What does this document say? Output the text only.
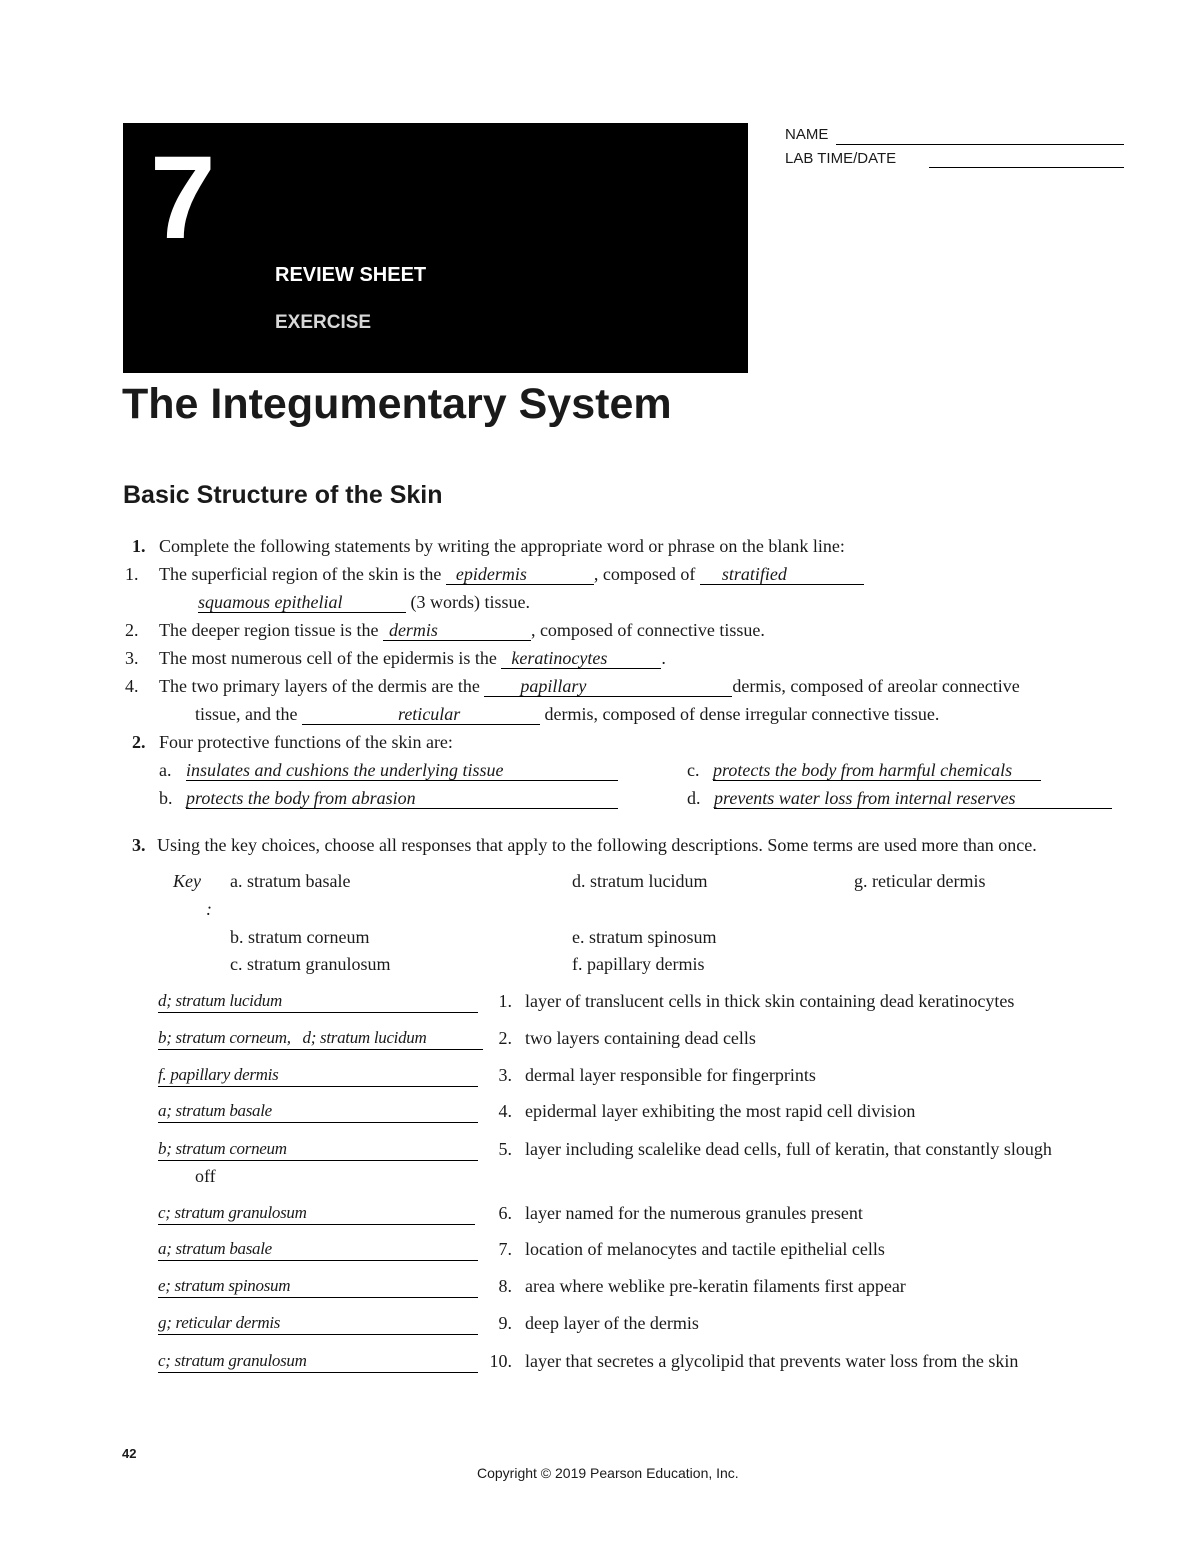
7
REVIEW SHEET
EXERCISE
NAME
LAB TIME/DATE
The Integumentary System
Basic Structure of the Skin
1. Complete the following statements by writing the appropriate word or phrase on the blank line:
1. The superficial region of the skin is the epidermis	, composed of stratified
squamous epithelial	(3 words) tissue.
2. The deeper region tissue is the dermis	, composed of connective tissue.
3. The most numerous cell of the epidermis is the keratinocytes	.
4. The two primary layers of the dermis are the papillary	dermis, composed of areolar connective
tissue, and the	reticular	dermis, composed of dense irregular connective tissue.
2. Four protective functions of the skin are:
a. insulates and cushions the underlying tissue	c. protects the body from harmful chemicals
b. protects the body from abrasion	d. prevents water loss from internal reserves
3. Using the key choices, choose all responses that apply to the following descriptions. Some terms are used more than once.
Key
:
a. stratum basale	d. stratum lucidum	g. reticular dermis
b. stratum corneum	e. stratum spinosum
c. stratum granulosum	f. papillary dermis
d; stratum lucidum	1. layer of translucent cells in thick skin containing dead keratinocytes
b; stratum corneum,   d; stratum lucidum	2. two layers containing dead cells
f. papillary dermis	3. dermal layer responsible for fingerprints
a; stratum basale	4. epidermal layer exhibiting the most rapid cell division
b; stratum corneum	5. layer including scalelike dead cells, full of keratin, that constantly slough
off
c; stratum granulosum	6. layer named for the numerous granules present
a; stratum basale	7. location of melanocytes and tactile epithelial cells
e; stratum spinosum	8. area where weblike pre-keratin filaments first appear
g; reticular dermis	9. deep layer of the dermis
c; stratum granulosum	10. layer that secretes a glycolipid that prevents water loss from the skin
42
Copyright © 2019 Pearson Education, Inc.
